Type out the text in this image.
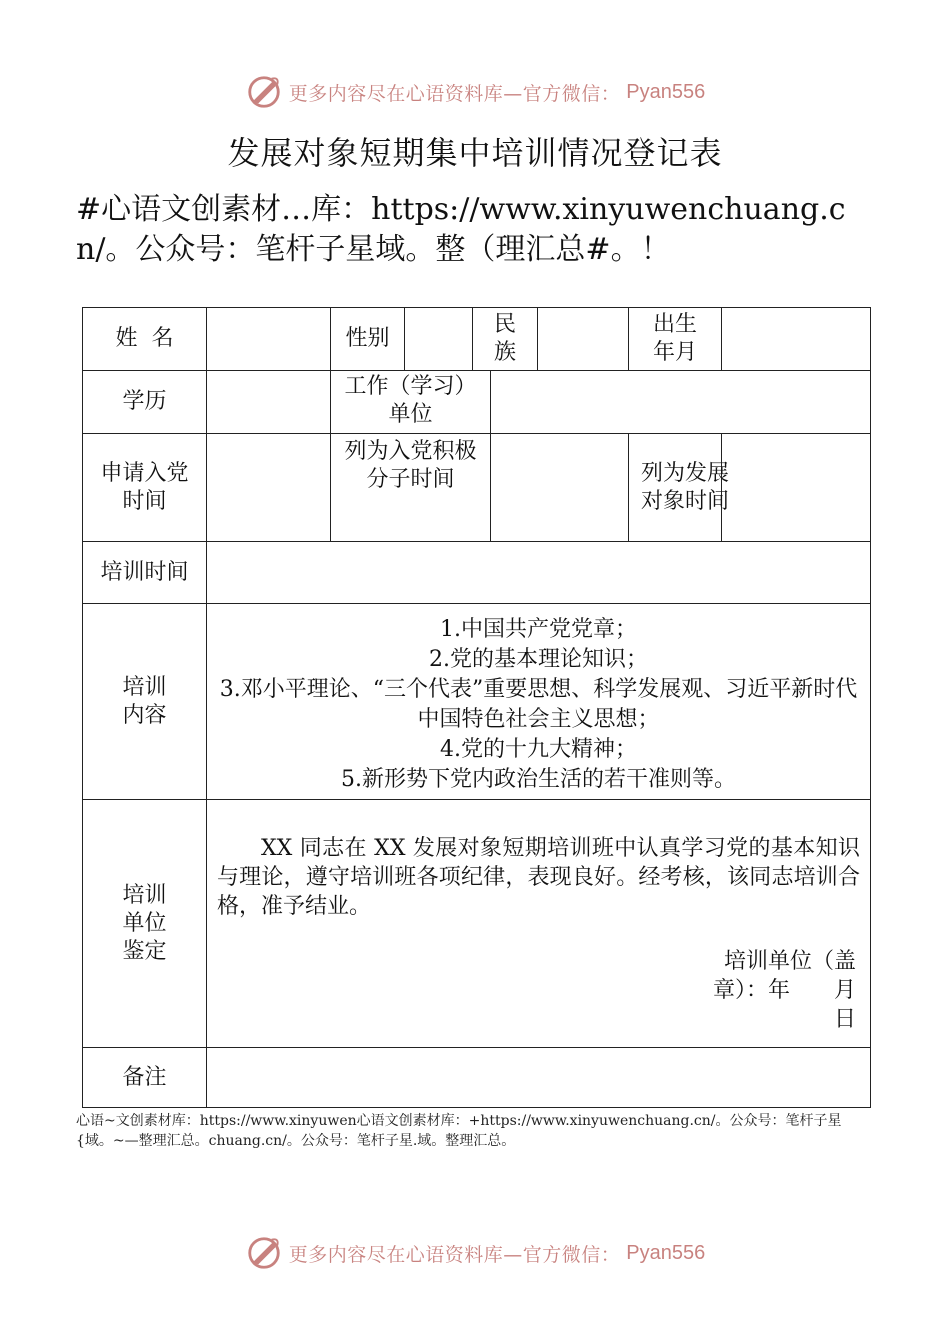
更多内容尽在心语资料库—官方微信： Pyan556
发展对象短期集中培训情况登记表
#心语文创素材…库：https://www.xinyuwenchuang.cn/。公众号：笔杆子星域。整（理汇总#。！
姓  名		性别		民族			出生年月	

学历		工作（学习）单位						

申请入党时间		列为入党积极分子时间					列为发展对象时间	

培训时间								

培训内容	1.中国共产党党章；
2.党的基本理论知识；
3.邓小平理论、“三个代表”重要思想、科学发展观、习近平新时代中国特色社会主义思想；
4.党的十九大精神；
5.新形势下党内政治生活的若干准则等。							

培训单位鉴定	XX 同志在 XX 发展对象短期培训班中认真学习党的基本知识与理论，遵守培训班各项纪律，表现良好。经考核，该同志培训合格，准予结业。

培训单位（盖
章）：年　　月
日							

备注								
心语~文创素材库：https://www.xinyuwen心语文创素材库：+https://www.xinyuwenchuang.cn/。公众号：笔杆子星{域。~—整理汇总。chuang.cn/。公众号：笔杆子星.域。整理汇总。
更多内容尽在心语资料库—官方微信： Pyan556
